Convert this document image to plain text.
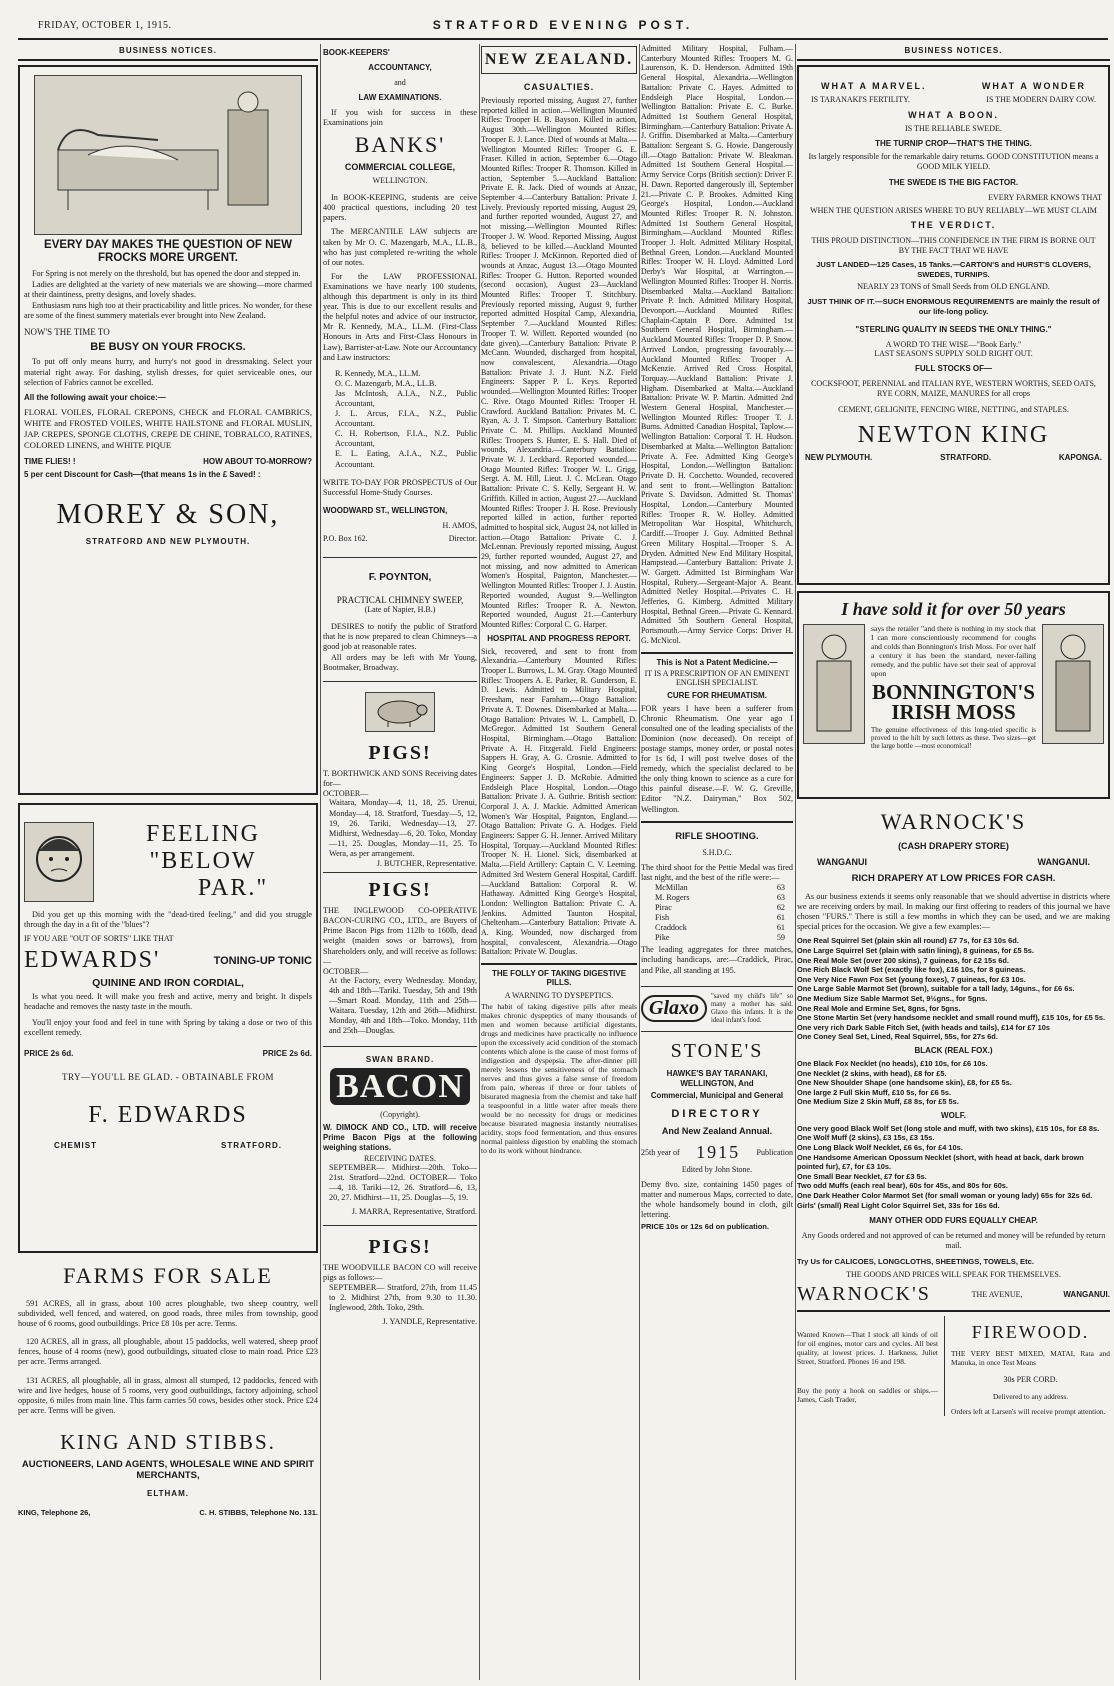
FRIDAY, OCTOBER 1, 1915.	STRATFORD EVENING POST.
BUSINESS NOTICES.
EVERY DAY MAKES THE QUESTION OF NEW FROCKS MORE URGENT.

For Spring is not merely on the threshold, but has opened the door and stepped in.

Ladies are delighted at the variety of new materials we are showing—more charmed at their daintiness, pretty designs, and lovely shades.

Enthusiasm runs high too at their practicability and little prices. No wonder, for these are some of the finest summery materials ever brought into New Zealand.

NOW'S THE TIME TO
BE BUSY ON YOUR FROCKS.

To put off only means hurry, and hurry's not good in dressmaking. Select your material right away. For dashing, stylish dresses, for quiet serviceable ones, our selection of Fabrics cannot be excelled.

All the following await your choice:—
FLORAL VOILES, FLORAL CREPONS, CHECK and FLORAL CAMBRICS, WHITE and FROSTED VOILES, WHITE HAILSTONE and FLORAL MUSLIN, JAP. CREPES, SPONGE CLOTHS, CREPE DE CHINE, TOBRALCO, RATINES, COLORED LINENS, and WHITE PIQUE
TIME FLIES! !	HOW ABOUT TO-MORROW?
5 per cent Discount for Cash—(that means 1s in the £ Saved! :
MOREY & SON,
STRATFORD AND NEW PLYMOUTH.
FEELING
"BELOW
PAR."

Did you get up this morning with the "dead-tired feeling," and did you struggle through the day in a fit of the "blues"?

IF YOU ARE "OUT OF SORTS" LIKE THAT
EDWARDS'	TONING-UP TONIC
QUININE AND IRON CORDIAL,

Is what you need. It will make you fresh and active, merry and bright. It dispels headache and removes the nasty taste in the mouth.

You'll enjoy your food and feel in tune with Spring by taking a dose or two of this excellent remedy.

PRICE 2s 6d.	PRICE 2s 6d.
TRY—YOU'LL BE GLAD. - OBTAINABLE FROM
F. EDWARDS
CHEMIST	STRATFORD.
FARMS FOR SALE

591 ACRES, all in grass, about 100 acres ploughable, two sheep country, well subdivided, well fenced, and watered, on good roads, three miles from township, good house of 6 rooms, good outbuildings. Price £8 10s per acre. Terms.

120 ACRES, all in grass, all ploughable, about 15 paddocks, well watered, sheep proof fences, house of 4 rooms (new), good outbuildings, situated close to main road. Price £23 per acre. Terms arranged.

131 ACRES, all ploughable, all in grass, almost all stumped, 12 paddocks, fenced with wire and live hedges, house of 5 rooms, very good outbuildings, factory adjoining, school opposite, 6 miles from main line. This farm carries 50 cows, besides other stock. Price £24 per acre. Terms will be given.

KING AND STIBBS.
AUCTIONEERS, LAND AGENTS, WHOLESALE WINE AND SPIRIT MERCHANTS,
ELTHAM.
KING, Telephone 26,	C. H. STIBBS, Telephone No. 131.
BOOK-KEEPERS'
ACCOUNTANCY,
and
LAW EXAMINATIONS.

If you wish for success in these Examinations join

BANKS'
COMMERCIAL COLLEGE,
WELLINGTON.

In BOOK-KEEPING, students are ceive 400 practical questions, including 20 test papers.

The MERCANTILE LAW subjects are taken by Mr O. C. Mazengarb, M.A., LL.B., who has just completed re-writing the whole of our notes.

For the LAW PROFESSIONAL Examinations we have nearly 100 students, although this department is only in its third year. This is due to our excellent results and the helpful notes and advice of our instructor, Mr R. Kennedy, M.A., LL.M. (First-Class Honours in Arts and First-Class Honours in Law), Barrister-at-Law. Note our Accountancy and Law instructors:

R. Kennedy, M.A., LL.M.
O. C. Mazengarb, M.A., LL.B.
Jas McIntosh, A.I.A., N.Z., Public Accountant,
J. L. Arcus, F.I.A., N.Z., Public Accountant.
C. H. Robertson, F.I.A., N.Z. Public Accountant,
E. L. Eating, A.I.A., N.Z., Public Accountant.
WRITE TO-DAY FOR PROSPECTUS of Our Successful Home-Study Courses.
WOODWARD ST., WELLINGTON,
H. AMOS,
P.O. Box 162.	Director.
F. POYNTON,
PRACTICAL CHIMNEY SWEEP,
(Late of Napier, H.B.)

DESIRES to notify the public of Stratford that he is now prepared to clean Chimneys—a good job at reasonable rates.

All orders may be left with Mr Young, Bootmaker, Broadway.

PIGS!
T. BORTHWICK AND SONS Receiving dates for—
OCTOBER—
Waitara, Monday—4, 11, 18, 25. Urenui, Monday—4, 18. Stratford, Tuesday—5, 12, 19, 26. Tariki, Wednesday—13, 27. Midhirst, Wednesday—6, 20. Toko, Monday—11, 25. Douglas, Monday—11, 25. To Wera, as per arrangement.
J. BUTCHER, Representative.
PIGS!
THE INGLEWOOD CO-OPERATIVE BACON-CURING CO., LTD., are Buyers of Prime Bacon Pigs from 112lb to 160lb, dead weight (maiden sows or barrows), from Shareholders only, and will receive as follows:—
OCTOBER—
At the Factory, every Wednesday. Monday, 4th and 18th—Tariki. Tuesday, 5th and 19th—Smart Road. Monday, 11th and 25th—Waitara. Tuesday, 12th and 26th—Midhirst. Monday, 4th and 18th—Toko. Monday, 11th and 25th—Douglas.
SWAN BRAND.
BACON
(Copyright).
W. DIMOCK AND CO., LTD. will receive Prime Bacon Pigs at the following weighing stations.
RECEIVING DATES.
SEPTEMBER— Midhirst—20th. Toko—21st. Stratford—22nd. OCTOBER— Toko—4, 18. Tariki—12, 26. Stratford—6, 13, 20, 27. Midhirst—11, 25. Douglas—5, 19.
J. MARRA, Representative, Stratford.
PIGS!
THE WOODVILLE BACON CO will receive pigs as follows:—
SEPTEMBER— Stratford, 27th, from 11.45 to 2. Midhirst 27th, from 9.30 to 11.30. Inglewood, 28th. Toko, 29th.
J. YANDLE, Representative.
NEW ZEALAND.
CASUALTIES.
Previously reported missing, August 27, further reported killed in action.—Wellington Mounted Rifles: Trooper H. B. Bayson. Killed in action, August 30th.—Wellington Mounted Rifles: Trooper E. J. Lance. Died of wounds at Malta.—Wellington Mounted Rifles: Trooper G. E. Fraser. Killed in action, September 6.—Otago Mounted Rifles: Trooper R. Thomson. Killed in action, September 5.—Auckland Battalion: Private E. R. Jack. Died of wounds at Anzac, September 4.—Canterbury Battalion: Private J. Lively. Previously reported missing, August 29, and further reported wounded, August 27, and not missing.—Wellington Mounted Rifles: Trooper J. W. Wood. Reported Missing, August 8, believed to be killed.—Auckland Mounted Rifles: Trooper J. McKinnon. Reported died of wounds at Anzac, August 13.—Otago Mounted Rifles: Trooper G. Hutton. Reported wounded (second occasion), August 23—Auckland Mounted Rifles: Trooper T. Stitchbury. Previously reported missing, August 9, further reported admitted Hospital Camp, Alexandria, September 7.—Auckland Mounted Rifles: Trooper T. W. Willett. Reported wounded (no date given).—Canterbury Battalion: Private P. McCann. Wounded, discharged from hospital, now convalescent, Alexandria.—Otago Battalion: Private J. J. Hunt. N.Z. Field Engineers: Sapper P. L. Keys. Reported wounded.—Wellington Mounted Rifles: Trooper C. Rive. Otago Mounted Rifles: Trooper H. Crawford. Auckland Battalion: Privates M. C. Ryan, A. J. T. Simpson. Canterbury Battalion: Private C. M. Phillips. Auckland Mounted Rifles: Troopers S. Hunter, E. S. Hall. Died of wounds, Alexandria.—Canterbury Battalion: Private W. J. Leckhard. Reported wounded.—Otago Mounted Rifles: Trooper W. L. Grigg, Sergt. A. M. Hill, Lieut. J. C. McLean. Otago Battalion: Private C. S. Kelly, Sergeant H. W. Griffith. Killed in action, August 27.—Auckland Mounted Rifles: Trooper J. H. Rose. Previously reported killed in action, further reported admitted to hospital sick, August 24, not killed in action.—Otago Battalion: Private C. J. McLennan. Previously reported missing, August 29, further reported wounded, August 27, and not missing, and now admitted to American Women's Hospital, Paignton, Manchester.—Wellington Mounted Rifles: Trooper J. J. Austin. Reported wounded, August 9.—Wellington Mounted Rifles: Trooper R. A. Newton. Reported wounded, August 21.—Canterbury Mounted Rifles: Corporal C. G. Harper.
HOSPITAL AND PROGRESS REPORT.
Sick, recovered, and sent to front from Alexandria.—Canterbury Mounted Rifles: Trooper L. Burrows, L. M. Gray. Otago Mounted Rifles: Troopers A. E. Parker, R. Gunderson, E. D. Lewis. Admitted to Military Hospital, Freesham, near Farnham.—Otago Battalion: Private A. T. Downes. Disembarked at Malta.—Otago Battalion: Privates W. L. Campbell, D. McGregor. Admitted 1st Southern General Hospital, Birmingham.—Otago Battalion: Private A. H. Fitzgerald. Field Engineers: Sappers H. Gray, A. G. Crosnie. Admitted to King George's Hospital, London.—Field Engineers: Sapper J. D. McRobie. Admitted Endsleigh Place Hospital, London.—Otago Battalion: Private J. A. Guthrie. British section: Corporal J. A. J. Mackie. Admitted American Women's War Hospital, Paignton, England.—Otago Battalion: Private G. A. Hodges. Field Engineers: Sapper G. H. Jenner. Arrived Military Hospital, Torquay.—Auckland Mounted Rifles: Trooper N. H. Lionel. Sick, disembarked at Malta.—Field Artillery: Captain C. V. Leeming. Admitted 3rd Western General Hospital, Cardiff.—Auckland Battalion: Corporal R. W. Hathaway. Admitted King George's Hospital, London: Wellington Battalion: Private C. A. Jenkins. Admitted Taunton Hospital, Cheltenham.—Canterbury Battalion: Private A. A. King. Wounded, now discharged from hospital, convalescent, Alexandria.—Otago Battalion: Private W. Douglas.
THE FOLLY OF TAKING DIGESTIVE PILLS.
A WARNING TO DYSPEPTICS.
The habit of taking digestive pills after meals makes chronic dyspeptics of many thousands of men and women because artificial digestants, drugs and medicines have practically no influence upon the excessively acid condition of the stomach contents which alone is the cause of most forms of indigestion and dyspepsia. The after-dinner pill merely lessens the sensitiveness of the stomach nerves and thus gives a false sense of freedom from pain, whereas if three or four tablets of bisurated magnesia from the chemist and take half a teaspoonful in a little water after meals there would be no necessity for drugs or medicines because bisurated magnesia instantly neutralises acidity, stops food fermentation, and thus ensures normal painless digestion by enabling the stomach to do its work without hindrance.
Admitted Military Hospital, Fulham.—Canterbury Mounted Rifles: Troopers M. G. Laurenson, K. D. Henderson. Admitted 19th General Hospital, Alexandria.—Wellington Battalion: Private C. Hayes. Admitted to Endsleigh Place Hospital, London.—Wellington Battalion: Private E. C. Burke. Admitted 1st Southern General Hospital, Birmingham.—Canterbury Battalion: Private A. J. Griffin. Disembarked at Malta.—Canterbury Battalion: Sergeant S. G. Howie. Dangerously ill.—Otago Battalion: Private W. Bleakman. Admitted 1st Southern General Hospital.—Army Service Corps (British section): Driver F. H. Dawn. Reported dangerously ill, September 21.—Private C. P. Brookes. Admitted King George's Hospital, London.—Auckland Mounted Rifles: Trooper R. N. Johnston. Admitted 1st Southern General Hospital, Birmingham.—Auckland Mounted Rifles: Trooper J. Holt. Admitted Military Hospital, Bethnal Green, London.—Auckland Mounted Rifles: Trooper W. H. Lloyd. Admitted Lord Derby's War Hospital, at Warrington.—Wellington Mounted Rifles: Trooper H. Norris. Disembarked Malta.—Auckland Battalion: Private P. Inch. Admitted Military Hospital, Devonport.—Auckland Mounted Rifles: Chaplain-Captain P. Dore. Admitted 1st Southern General Hospital, Birmingham.—Auckland Mounted Rifles: Trooper D. P. Snow. Arrived London, progressing favourably.—Auckland Mounted Rifles: Trooper A. McKenzie. Arrived Red Cross Hospital, Torquay.—Auckland Battalion: Private J. Higham. Disembarked at Malta.—Auckland Battalion: Private W. P. Martin. Admitted 2nd Western General Hospital, Manchester.—Wellington Mounted Rifles: Trooper T. J. Burns. Admitted Canadian Hospital, Taplow.—Wellington Battalion: Corporal T. H. Hudson. Disembarked at Malta.—Wellington Battalion: Private A. Fee. Admitted King George's Hospital, London.—Wellington Battalion: Private D. H. Cocchetto. Wounded, recovered and sent to front.—Wellington Battalion: Private S. Davidson. Admitted St. Thomas' Hospital, London.—Canterbury Mounted Rifles: Trooper R. W. Holley. Admitted Metropolitan War Hospital, Whitchurch, Cardiff.—Trooper J. Guy. Admitted Bethnal Green Military Hospital.—Trooper S. A. Dryden. Admitted New End Military Hospital, Hampstead.—Canterbury Battalion: Private J. W. Gargett. Admitted 1st Birmingham War Hospital, Rubery.—Sergeant-Major A. Beant. Admitted Netley Hospital.—Privates C. H. Jefferies, G. Kimberg. Admitted Military Hospital, Bethnal Green.—Private G. Kennard. Admitted 5th Southern General Hospital, Portsmouth.—Army Service Corps: Driver H. G. McNicol.
This is Not a Patent Medicine.—
IT IS A PRESCRIPTION OF AN EMINENT ENGLISH SPECIALIST.
CURE FOR RHEUMATISM.
FOR years I have been a sufferer from Chronic Rheumatism. One year ago I consulted one of the leading specialists of the Dominion (now deceased). On receipt of postage stamps, money order, or postal notes for 1s 6d, I will post twelve doses of the remedy, which the specialist declared to be the only thing known to science as a cure for this painful disease.—F. W. G. Greville, Editor "N.Z. Dairyman," Box 502, Wellington.
RIFLE SHOOTING.
S.H.D.C.
The third shoot for the Pettie Medal was fired last night, and the best of the rifle were:—
McMillan	63
M. Rogers	63
Pirac	62
Fish	61
Craddock	61
Pike	59
The leading aggregates for three matches, including handicaps, are:—Craddick, Pirac, and Pike, all standing at 195.
Glaxo
"saved my child's life" so many a mother has said. Glaxo this infants. It is the ideal infant's food.
STONE'S
HAWKE'S BAY TARANAKI, WELLINGTON, And
Commercial, Municipal and General
DIRECTORY
And New Zealand Annual.
25th year of 1915 Publication
Edited by John Stone.
Demy 8vo. size, containing 1450 pages of matter and numerous Maps, corrected to date, the whole handsomely bound in cloth, gilt lettering.
PRICE 10s or 12s 6d on publication.
BUSINESS NOTICES.
WHAT A MARVEL.	WHAT A WONDER
IS TARANAKI'S FERTILITY.	IS THE MODERN DAIRY COW.
WHAT A BOON.
IS THE RELIABLE SWEDE.
THE TURNIP CROP—THAT'S THE THING.
Its largely responsible for the remarkable dairy returns. GOOD CONSTITUTION means a GOOD MILK YIELD.
THE SWEDE IS THE BIG FACTOR.
EVERY FARMER KNOWS THAT
WHEN THE QUESTION ARISES WHERE TO BUY RELIABLY—WE MUST CLAIM
THE VERDICT.
THIS PROUD DISTINCTION—THIS CONFIDENCE IN THE FIRM IS BORNE OUT BY THE FACT THAT WE HAVE
JUST LANDED—125 Cases, 15 Tanks.—CARTON'S and HURST'S CLOVERS, SWEDES, TURNIPS.
NEARLY 23 TONS of Small Seeds from OLD ENGLAND.
JUST THINK OF IT.—SUCH ENORMOUS REQUIREMENTS are mainly the result of our life-long policy.
"STERLING QUALITY IN SEEDS THE ONLY THING."
A WORD TO THE WISE—"Book Early."
LAST SEASON'S SUPPLY SOLD RIGHT OUT.
FULL STOCKS OF—
COCKSFOOT, PERENNIAL and ITALIAN RYE, WESTERN WORTHS, SEED OATS, RYE CORN, MAIZE, MANURES for all crops
CEMENT, GELIGNITE, FENCING WIRE, NETTING, and STAPLES.
NEWTON KING
NEW PLYMOUTH.	STRATFORD.	KAPONGA.
I have sold it for over 50 years
says the retailer "and there is nothing in my stock that I can more conscientiously recommend for coughs and colds than Bonnington's Irish Moss. For over half a century it has been the standard, never-failing remedy, and the public have set their seal of approval upon
BONNINGTON'S IRISH MOSS
The genuine effectiveness of this long-tried specific is proved to the hilt by such letters as these. Two sizes—get the large bottle —most economical!
WARNOCK'S
(CASH DRAPERY STORE)
WANGANUI	WANGANUI.
RICH DRAPERY AT LOW PRICES FOR CASH.

As our business extends it seems only reasonable that we should advertise in districts where we are receiving orders by mail. In making our first offering to readers of this journal we have chosen "FURS." There is still a few months in which they can be used, and we are making special prices for the occasion. We give a few examples:—

One Real Squirrel Set (plain skin all round) £7 7s, for £3 10s 6d.
One Large Squirrel Set (plain with satin lining), 8 guineas, for £5 5s.
One Real Mole Set (over 200 skins), 7 guineas, for £2 15s 6d.
One Rich Black Wolf Set (exactly like fox), £16 10s, for 8 guineas.
One Very Nice Fawn Fox Set (young foxes), 7 guineas, for £3 10s.
One Large Sable Marmot Set (brown), suitable for a tall lady, 14guns., for £6 6s.
One Medium Size Sable Marmot Set, 9½gns., for 5gns.
One Real Mole and Ermine Set, 8gns, for 5gns.
One Stone Martin Set (very handsome necklet and small round muff), £15 10s, for £5 5s.
One very rich Dark Sable Fitch Set, (with heads and tails), £14 for £7 10s
One Coney Seal Set, Lined, Real Squirrel, 55s, for 27s 6d.
BLACK (REAL FOX.)
One Black Fox Necklet (no heads), £10 10s, for £6 10s.
One Necklet (2 skins, with head), £8 for £5.
One New Shoulder Shape (one handsome skin), £8, for £5 5s.
One large 2 Full Skin Muff, £10 5s, for £6 5s.
One Medium Size 2 Skin Muff, £8 8s, for £5 5s.
WOLF.
One very good Black Wolf Set (long stole and muff, with two skins), £15 10s, for £8 8s.
One Wolf Muff (2 skins), £3 15s, £3 15s.
One Long Black Wolf Necklet, £6 6s, for £4 10s.
One Handsome American Opossum Necklet (short, with head at back, dark brown pointed fur), £7, for £3 10s.
One Small Bear Necklet, £7 for £3 5s.
Two odd Muffs (each real bear), 60s for 45s, and 80s for 60s.
One Dark Heather Color Marmot Set (for small woman or young lady) 65s for 32s 6d.
Girls' (small) Real Light Color Squirrel Set, 33s for 16s 6d.
MANY OTHER ODD FURS EQUALLY CHEAP.
Any Goods ordered and not approved of can be returned and money will be refunded by return mail.
Try Us for CALICOES, LONGCLOTHS, SHEETINGS, TOWELS, Etc.
THE GOODS AND PRICES WILL SPEAK FOR THEMSELVES.
WARNOCK'S	THE AVENUE,	WANGANUI.
Wanted Known—That I stock all kinds of oil for oil engines, motor cars and cycles. All best quality, at lowest prices. J. Harkness, Juliet Street, Stratford. Phones 16 and 198.
Buy the pony a hook on saddles or ships.—James, Cash Trader,
FIREWOOD.
THE VERY BEST MIXED, MATAI, Rata and Manuka, in once Test Means
30s PER CORD.
Delivered to any address.
Orders left at Larsen's will receive prompt attention.
